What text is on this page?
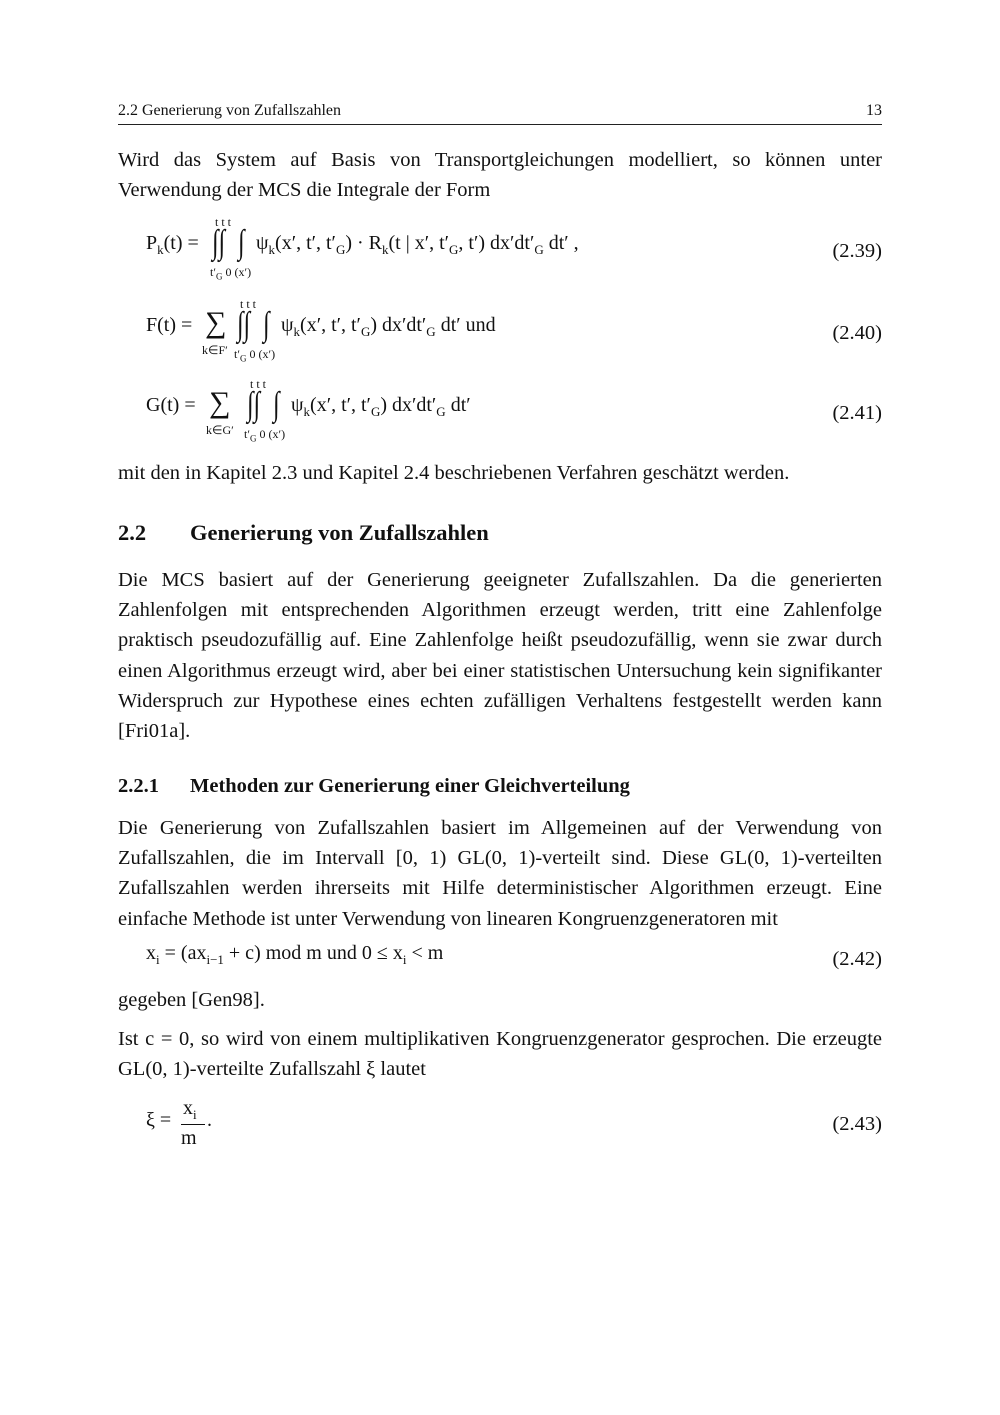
2.2 Generierung von Zufallszahlen	13
Wird das System auf Basis von Transportgleichungen modelliert, so können unter Verwendung der MCS die Integrale der Form
$P_k(t)$ =
t t t
∫∫ ∫
$t'_G$ 0 (x′)
$\psi_k(x'$, t′, $t'_G) \cdot R_k(t$ | x′, $t'_G$, t′) $dx'dt'_G$ dt′ ,	(2.39)
F(t) = ∑
k∈F′
t t t
∫∫ ∫
$t'_G$ 0 (x′)
$\psi_k(x'$, t′, $t'_G$) $dx'dt'_G$ dt′ und	(2.40)
G(t) = ∑
k∈G′
t t t
∫∫ ∫
$t'_G$ 0 (x′)
$\psi_k(x'$, t′, $t'_G$) $dx'dt'_G$ dt′	(2.41)
mit den in Kapitel 2.3 und Kapitel 2.4 beschriebenen Verfahren geschätzt werden.
2.2 Generierung von Zufallszahlen
Die MCS basiert auf der Generierung geeigneter Zufallszahlen. Da die generierten Zahlenfolgen mit entsprechenden Algorithmen erzeugt werden, tritt eine Zahlenfolge praktisch pseudozufällig auf. Eine Zahlenfolge heißt pseudozufällig, wenn sie zwar durch einen Algorithmus erzeugt wird, aber bei einer statistischen Untersuchung kein signifikanter Widerspruch zur Hypothese eines echten zufälligen Verhaltens festgestellt werden kann [Fri01a].
2.2.1 Methoden zur Generierung einer Gleichverteilung
Die Generierung von Zufallszahlen basiert im Allgemeinen auf der Verwendung von Zufallszahlen, die im Intervall [0, 1) GL(0, 1)-verteilt sind. Diese GL(0, 1)-verteilten Zufallszahlen werden ihrerseits mit Hilfe deterministischer Algorithmen erzeugt. Eine einfache Methode ist unter Verwendung von linearen Kongruenzgeneratoren mit
$x_i = (ax_{i-1} + c)$ mod m und $0 \le x_i < m$	(2.42)
gegeben [Gen98].
Ist c = 0, so wird von einem multiplikativen Kongruenzgenerator gesprochen. Die erzeugte GL(0, 1)-verteilte Zufallszahl ξ lautet
ξ =
$x_i$
m
.	(2.43)
